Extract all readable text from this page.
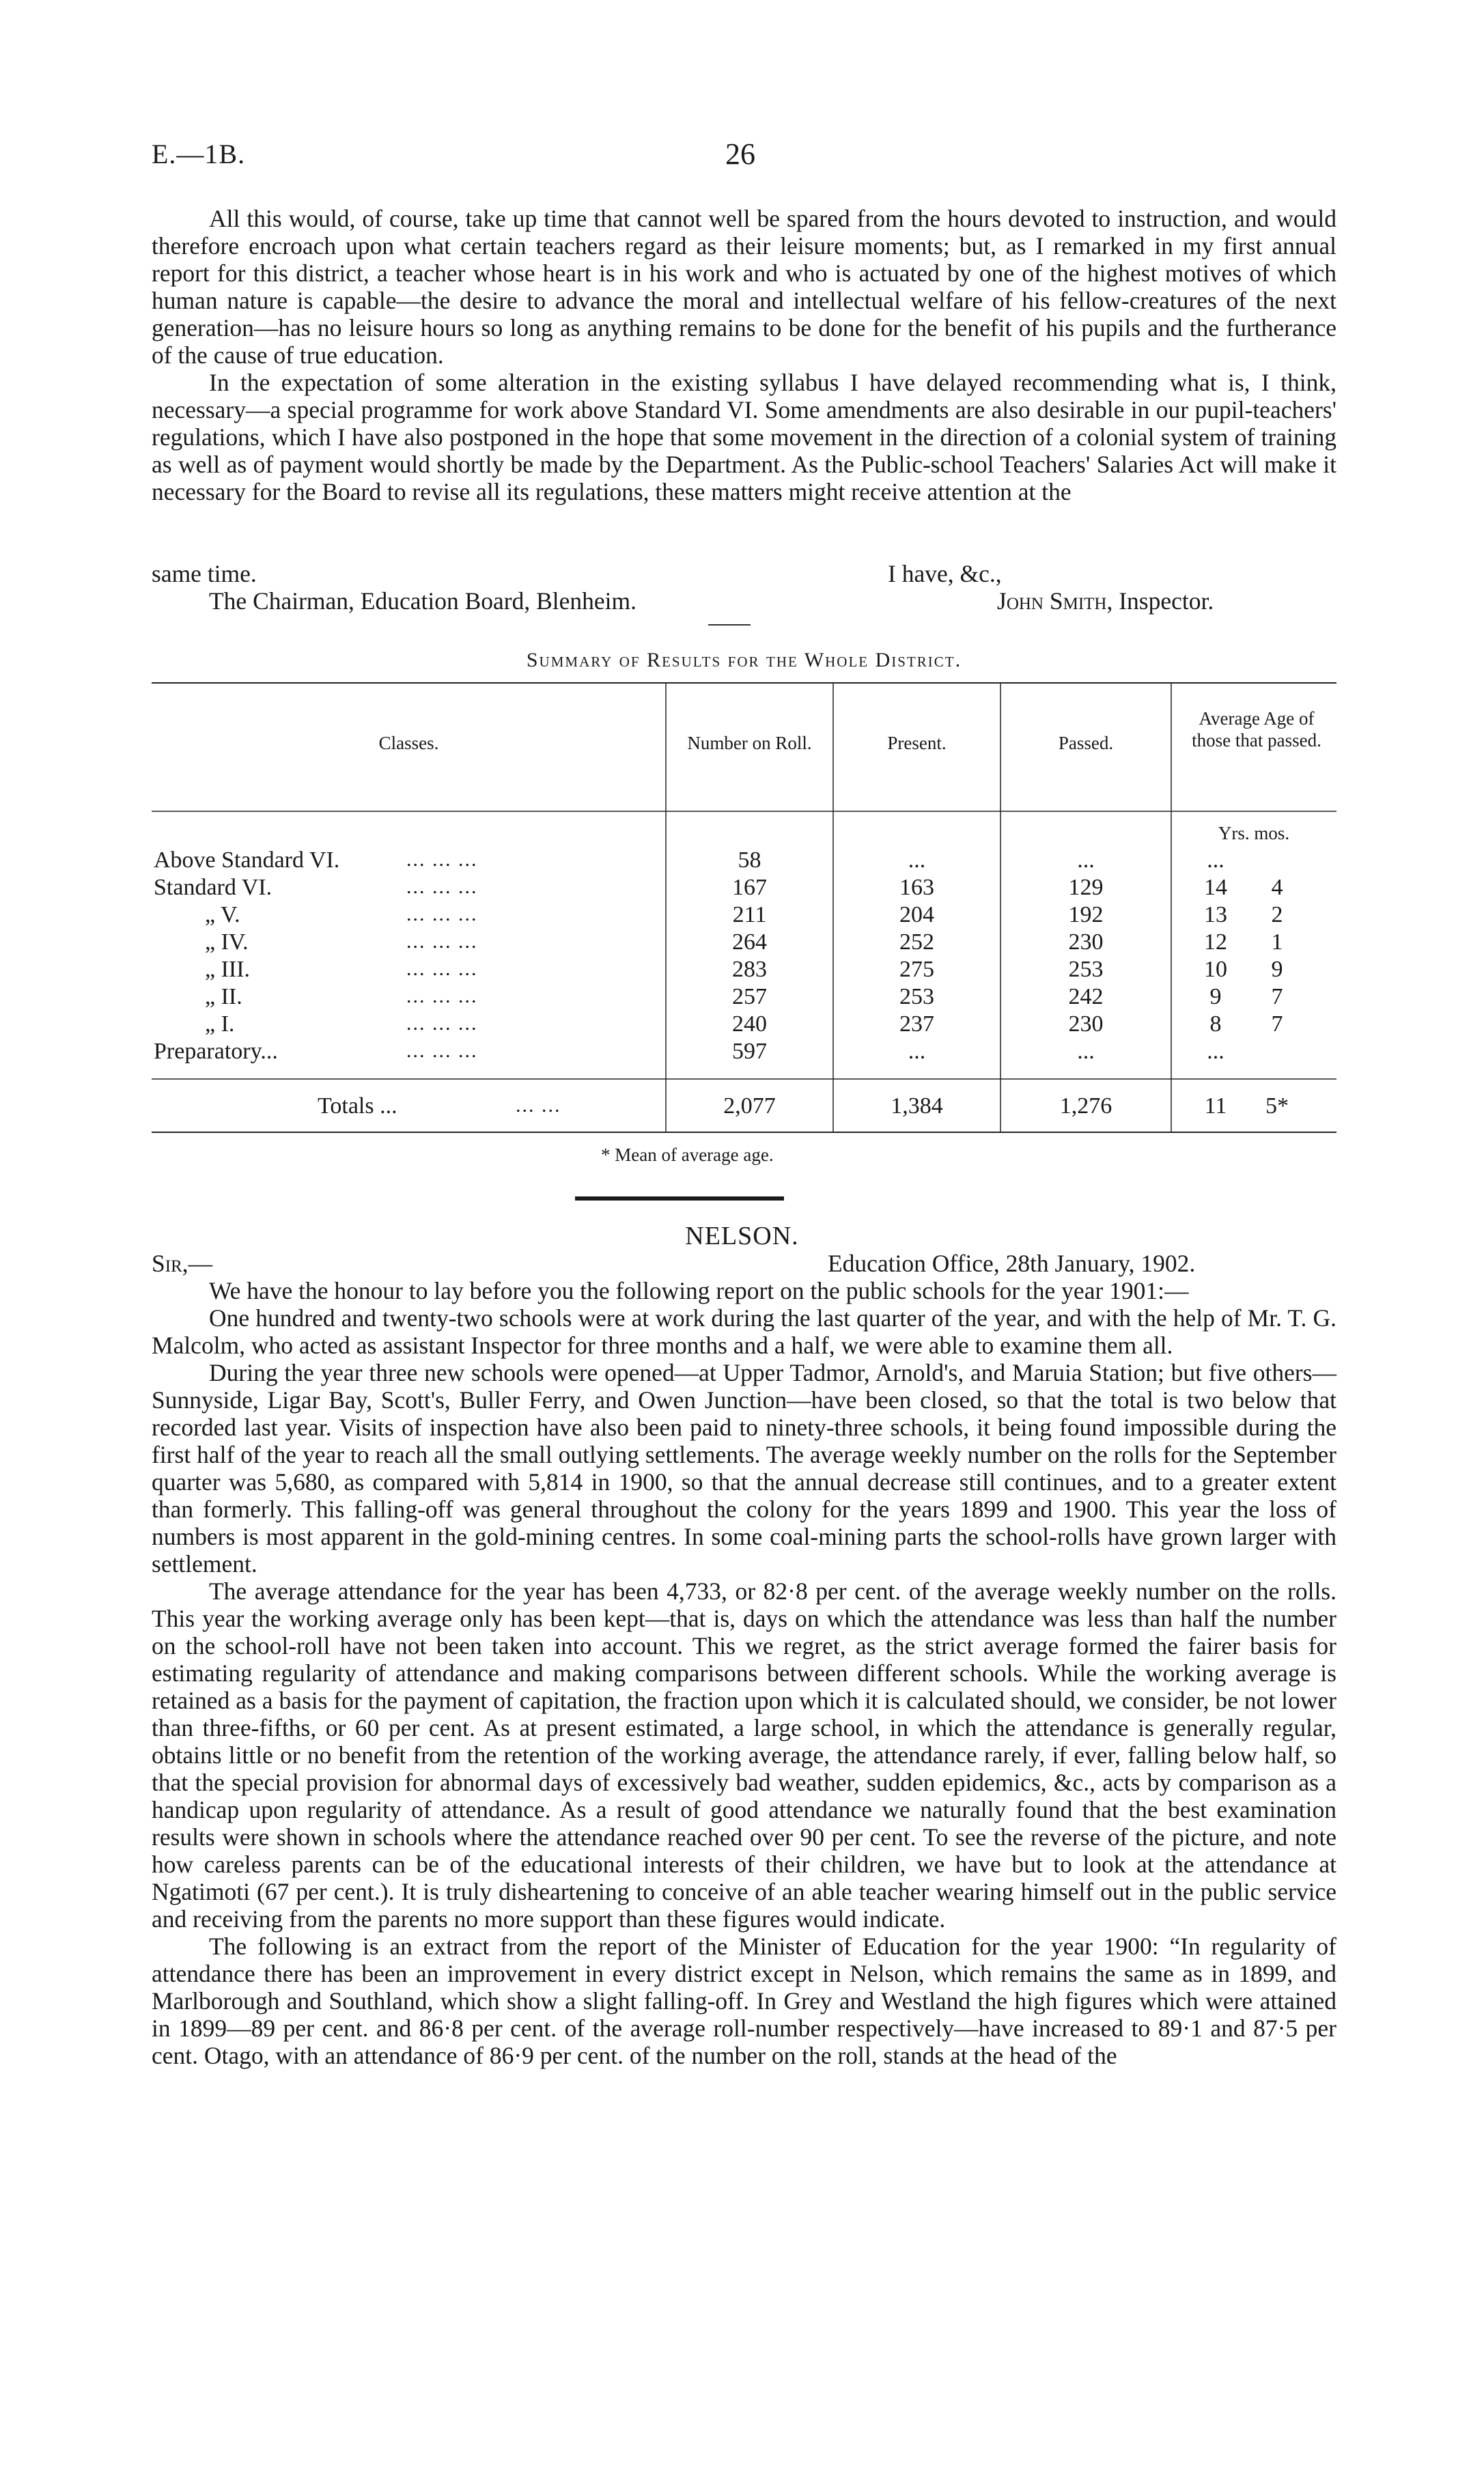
E.—1B.	26

All this would, of course, take up time that cannot well be spared from the hours devoted to instruction, and would therefore encroach upon what certain teachers regard as their leisure moments; but, as I remarked in my first annual report for this district, a teacher whose heart is in his work and who is actuated by one of the highest motives of which human nature is capable—the desire to advance the moral and intellectual welfare of his fellow-creatures of the next generation—has no leisure hours so long as anything remains to be done for the benefit of his pupils and the furtherance of the cause of true education.

In the expectation of some alteration in the existing syllabus I have delayed recommending what is, I think, necessary—a special programme for work above Standard VI. Some amendments are also desirable in our pupil-teachers' regulations, which I have also postponed in the hope that some movement in the direction of a colonial system of training as well as of payment would shortly be made by the Department. As the Public-school Teachers' Salaries Act will make it necessary for the Board to revise all its regulations, these matters might receive attention at the

same time.	I have, &c.,
The Chairman, Education Board, Blenheim.	John Smith, Inspector.
Summary of Results for the Whole District.
Classes.	Number on Roll.	Present.	Passed.
Average Age of those that passed.
Yrs. mos.
Above Standard VI.	... ... ...	58	...	...	...
Standard VI.	... ... ...	167	163	129	14	4
„ V.	... ... ...	211	204	192	13	2
„ IV.	... ... ...	264	252	230	12	1
„ III.	... ... ...	283	275	253	10	9
„ II.	... ... ...	257	253	242	9	7
„ I.	... ... ...	240	237	230	8	7
Preparatory...	... ... ...	597	...	...	...
Totals ...	... ...	2,077	1,384	1,276	11	5*
* Mean of average age.
NELSON.
Sir,—	Education Office, 28th January, 1902.

We have the honour to lay before you the following report on the public schools for the year 1901:—

One hundred and twenty-two schools were at work during the last quarter of the year, and with the help of Mr. T. G. Malcolm, who acted as assistant Inspector for three months and a half, we were able to examine them all.

During the year three new schools were opened—at Upper Tadmor, Arnold's, and Maruia Station; but five others—Sunnyside, Ligar Bay, Scott's, Buller Ferry, and Owen Junction—have been closed, so that the total is two below that recorded last year. Visits of inspection have also been paid to ninety-three schools, it being found impossible during the first half of the year to reach all the small outlying settlements. The average weekly number on the rolls for the September quarter was 5,680, as compared with 5,814 in 1900, so that the annual decrease still continues, and to a greater extent than formerly. This falling-off was general throughout the colony for the years 1899 and 1900. This year the loss of numbers is most apparent in the gold-mining centres. In some coal-mining parts the school-rolls have grown larger with settlement.

The average attendance for the year has been 4,733, or 82·8 per cent. of the average weekly number on the rolls. This year the working average only has been kept—that is, days on which the attendance was less than half the number on the school-roll have not been taken into account. This we regret, as the strict average formed the fairer basis for estimating regularity of attendance and making comparisons between different schools. While the working average is retained as a basis for the payment of capitation, the fraction upon which it is calculated should, we consider, be not lower than three-fifths, or 60 per cent. As at present estimated, a large school, in which the attendance is generally regular, obtains little or no benefit from the retention of the working average, the attendance rarely, if ever, falling below half, so that the special provision for abnormal days of excessively bad weather, sudden epidemics, &c., acts by comparison as a handicap upon regularity of attendance. As a result of good attendance we naturally found that the best examination results were shown in schools where the attendance reached over 90 per cent. To see the reverse of the picture, and note how careless parents can be of the educational interests of their children, we have but to look at the attendance at Ngatimoti (67 per cent.). It is truly disheartening to conceive of an able teacher wearing himself out in the public service and receiving from the parents no more support than these figures would indicate.

The following is an extract from the report of the Minister of Education for the year 1900: “In regularity of attendance there has been an improvement in every district except in Nelson, which remains the same as in 1899, and Marlborough and Southland, which show a slight falling-off. In Grey and Westland the high figures which were attained in 1899—89 per cent. and 86·8 per cent. of the average roll-number respectively—have increased to 89·1 and 87·5 per cent. Otago, with an attendance of 86·9 per cent. of the number on the roll, stands at the head of the
